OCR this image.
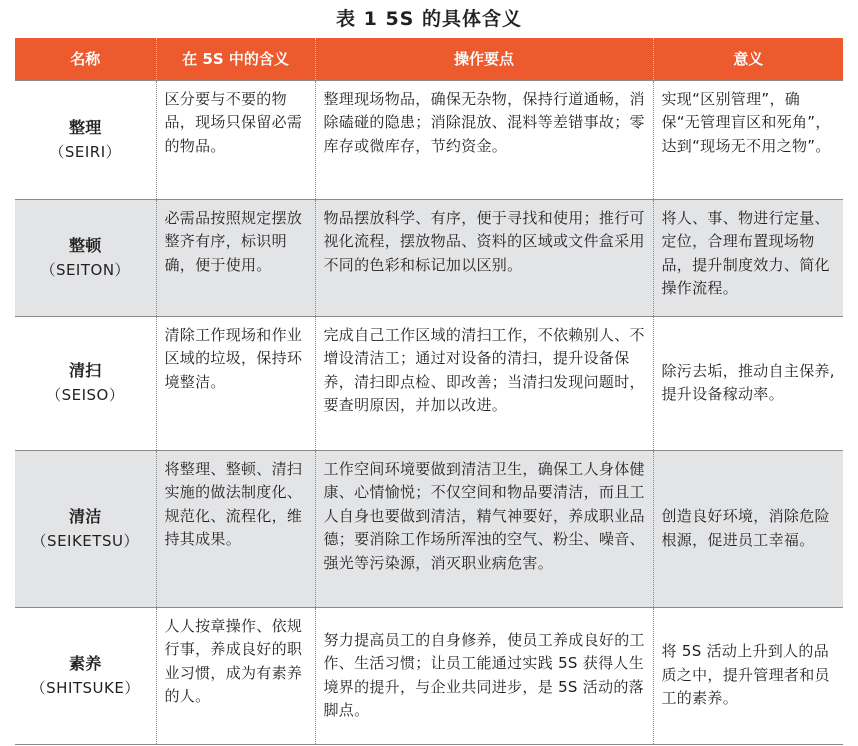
表 1 5S 的具体含义
名称	在 5S 中的含义	操作要点	意义

整理
（SEIRI）	区分要与不要的物品，现场只保留必需的物品。	整理现场物品，确保无杂物，保持行道通畅，消除磕碰的隐患；消除混放、混料等差错事故；零库存或微库存，节约资金。	实现“区别管理”，确保“无管理盲区和死角”，达到“现场无不用之物”。

整顿
（SEITON）	必需品按照规定摆放整齐有序，标识明确，便于使用。	物品摆放科学、有序，便于寻找和使用；推行可视化流程，摆放物品、资料的区域或文件盒采用不同的色彩和标记加以区别。	将人、事、物进行定量、定位，合理布置现场物品，提升制度效力、简化操作流程。

清扫
（SEISO）	清除工作现场和作业区域的垃圾，保持环境整洁。	完成自己工作区域的清扫工作，不依赖别人、不增设清洁工；通过对设备的清扫，提升设备保养，清扫即点检、即改善；当清扫发现问题时，要查明原因，并加以改进。	除污去垢，推动自主保养,提升设备稼动率。

清洁
（SEIKETSU）	将整理、整顿、清扫实施的做法制度化、规范化、流程化，维持其成果。	工作空间环境要做到清洁卫生，确保工人身体健康、心情愉悦；不仅空间和物品要清洁，而且工人自身也要做到清洁，精气神要好，养成职业品德；要消除工作场所浑浊的空气、粉尘、噪音、强光等污染源，消灭职业病危害。	创造良好环境，消除危险根源，促进员工幸福。

素养
（SHITSUKE）	人人按章操作、依规行事，养成良好的职业习惯，成为有素养的人。	努力提高员工的自身修养，使员工养成良好的工作、生活习惯；让员工能通过实践 5S 获得人生境界的提升，与企业共同进步，是 5S 活动的落脚点。	将 5S 活动上升到人的品质之中，提升管理者和员工的素养。
